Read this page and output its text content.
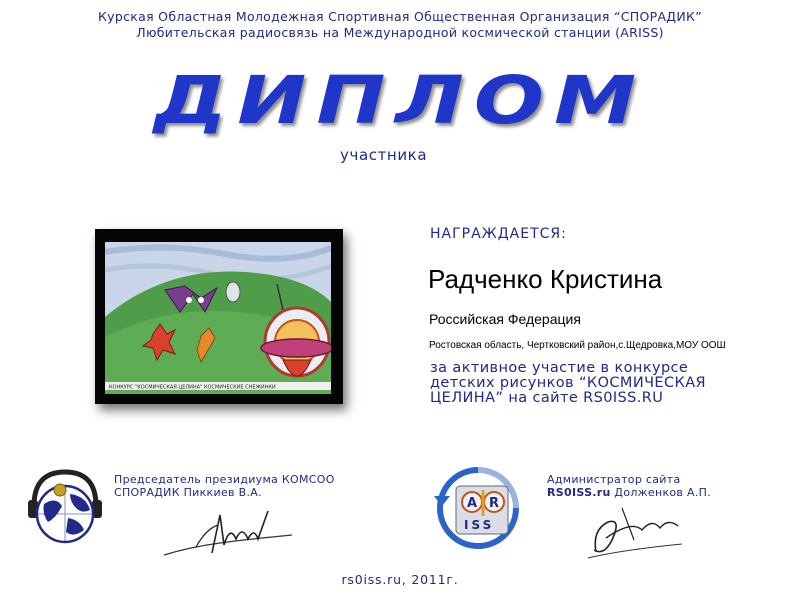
Курская Областная Молодежная Спортивная Общественная Организация “СПОРАДИК”
Любительская радиосвязь на Международной космической станции (ARISS)
ДИПЛОМ
участника
КОНКУРС "КОСМИЧЕСКАЯ ЦЕЛИНА" КОСМИЧЕСКИЕ СНЕЖИНКИ
НАГРАЖДАЕТСЯ:
Радченко Кристина
Российская Федерация
Ростовская область, Чертковский район,с.Щедровка,МОУ ООШ
за активное участие в конкурсе
детских рисунков “КОСМИЧЕСКАЯ
ЦЕЛИНА” на сайте RS0ISS.RU
A R
ISS
Председатель президиума КОМСОО
СПОРАДИК Пиккиев В.А.
Администратор сайта
RS0ISS.ru Долженков А.П.
rs0iss.ru, 2011г.
